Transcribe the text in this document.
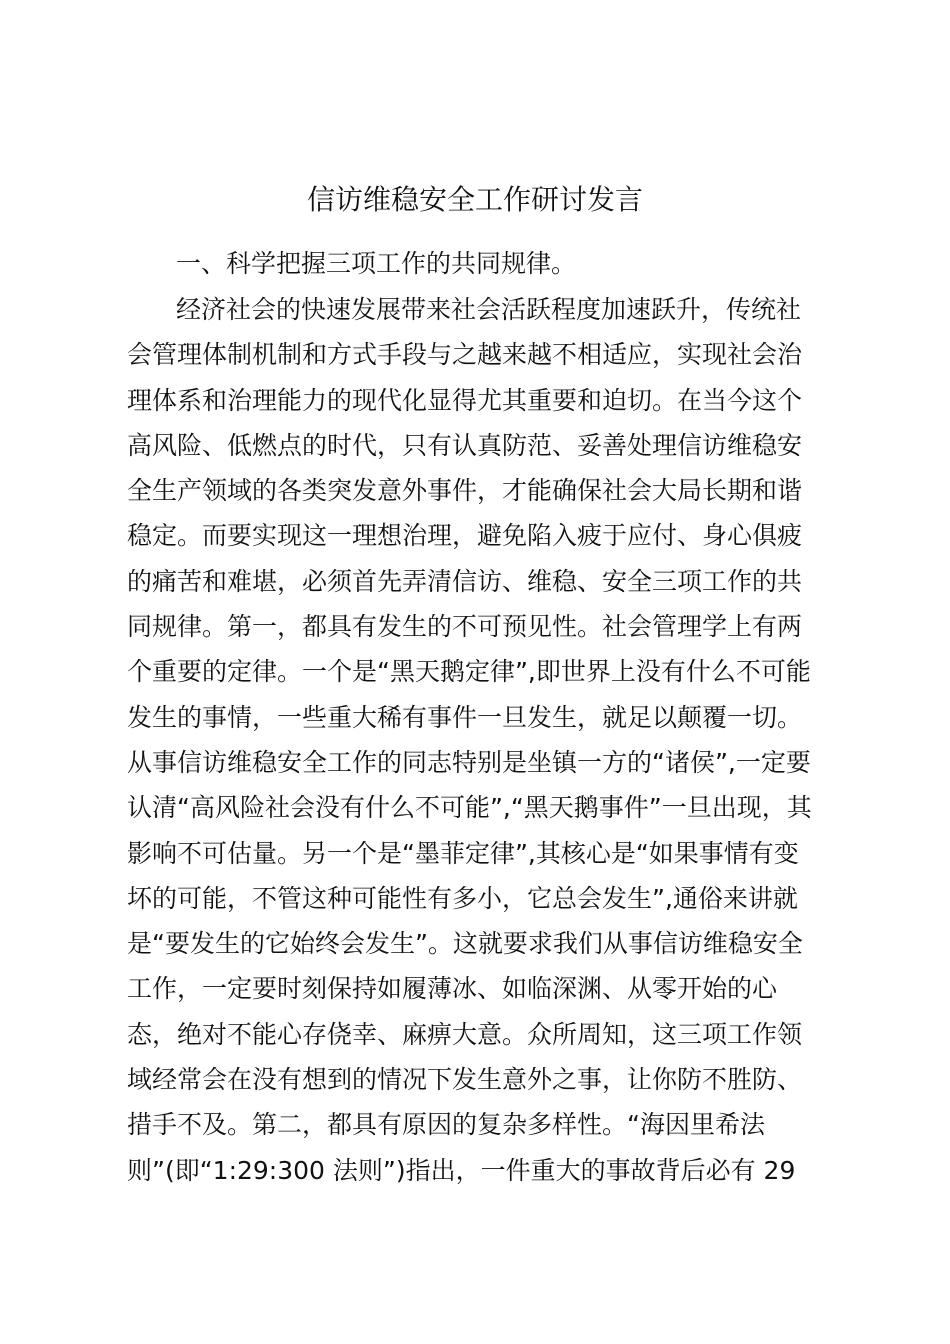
信访维稳安全工作研讨发言
一、科学把握三项工作的共同规律。
经济社会的快速发展带来社会活跃程度加速跃升，传统社
会管理体制机制和方式手段与之越来越不相适应，实现社会治
理体系和治理能力的现代化显得尤其重要和迫切。在当今这个
高风险、低燃点的时代，只有认真防范、妥善处理信访维稳安
全生产领域的各类突发意外事件，才能确保社会大局长期和谐
稳定。而要实现这一理想治理，避免陷入疲于应付、身心俱疲
的痛苦和难堪，必须首先弄清信访、维稳、安全三项工作的共
同规律。第一，都具有发生的不可预见性。社会管理学上有两
个重要的定律。一个是“黑天鹅定律”,即世界上没有什么不可能
发生的事情，一些重大稀有事件一旦发生，就足以颠覆一切。
从事信访维稳安全工作的同志特别是坐镇一方的“诸侯”,一定要
认清“高风险社会没有什么不可能”,“黑天鹅事件”一旦出现，其
影响不可估量。另一个是“墨菲定律”,其核心是“如果事情有变
坏的可能，不管这种可能性有多小，它总会发生”,通俗来讲就
是“要发生的它始终会发生”。这就要求我们从事信访维稳安全
工作，一定要时刻保持如履薄冰、如临深渊、从零开始的心
态，绝对不能心存侥幸、麻痹大意。众所周知，这三项工作领
域经常会在没有想到的情况下发生意外之事，让你防不胜防、
措手不及。第二，都具有原因的复杂多样性。“海因里希法
则”(即“1:29:300 法则”)指出，一件重大的事故背后必有 29
